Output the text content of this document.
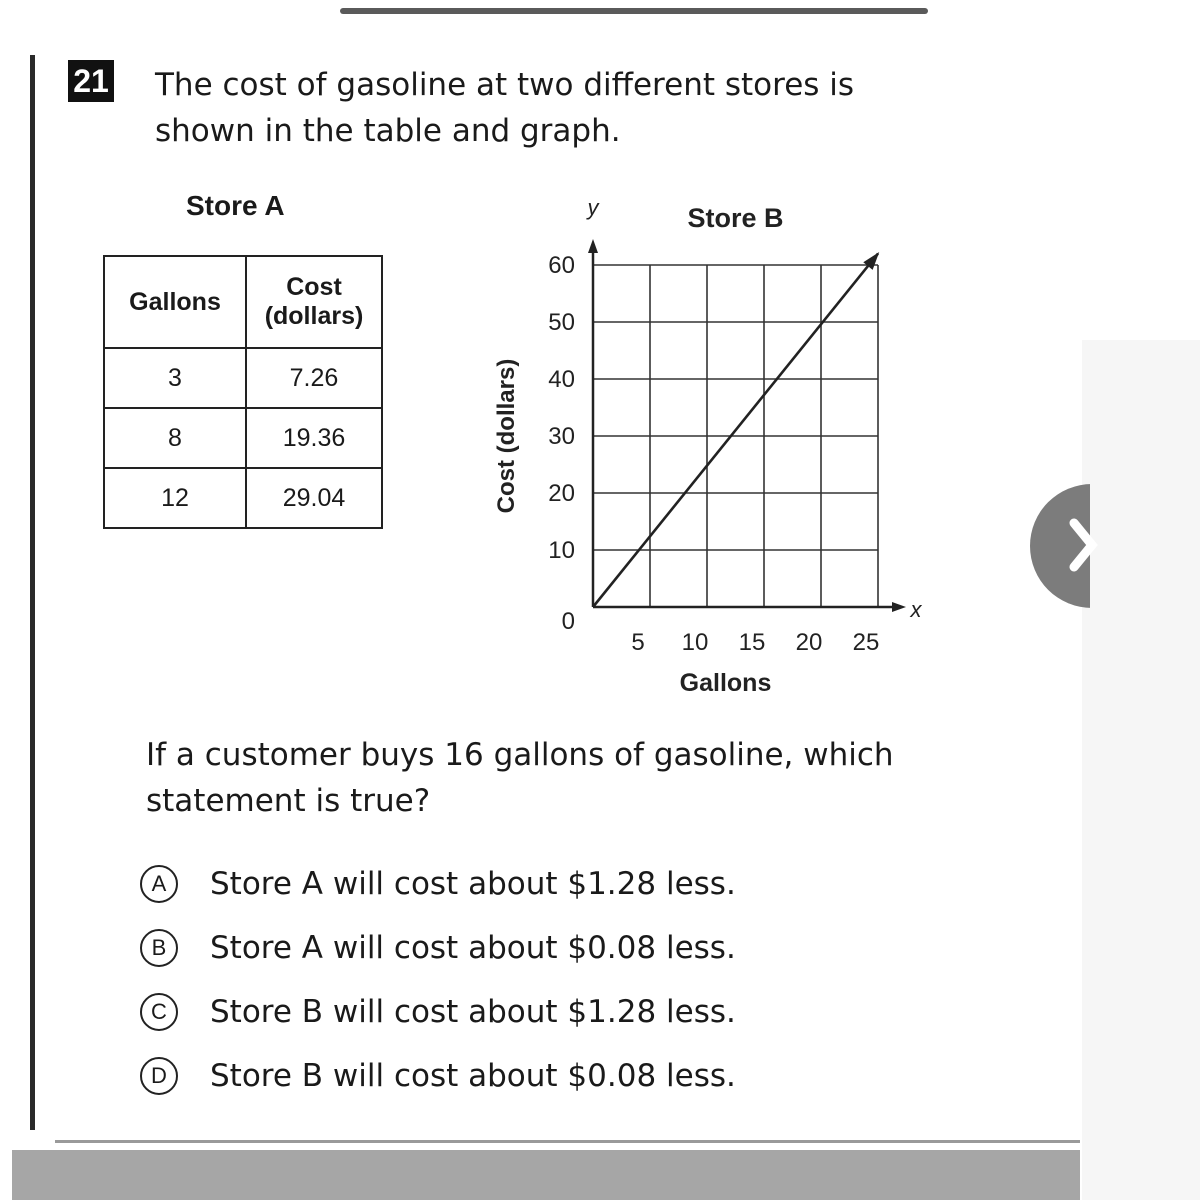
21 The cost of gasoline at two different stores is shown in the table and graph.

Store A
Gallons	Cost (dollars)
3	7.26
8	19.36
12	29.04
10
20
30
40
50
60
5 10 15 20 25
0	x
y	Store B
Gallons
Cost (dollars)

If a customer buys 16 gallons of gasoline, which statement is true?

A	Store A will cost about $1.28 less.
B	Store A will cost about $0.08 less.
C	Store B will cost about $1.28 less.
D	Store B will cost about $0.08 less.
